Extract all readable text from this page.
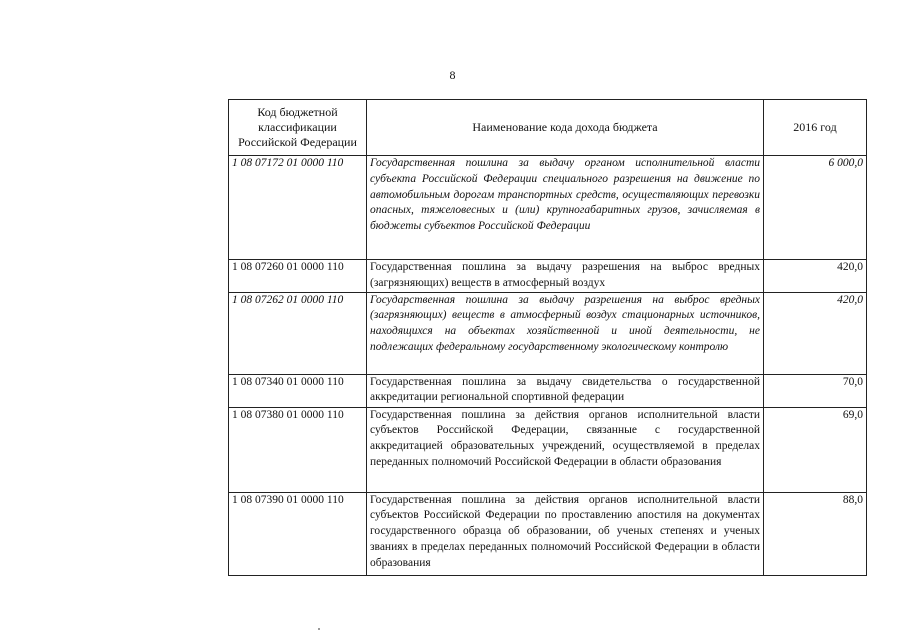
8
Код бюджетной классификации Российской Федерации	Наименование кода дохода бюджета	2016 год
1 08 07172 01 0000 110	Государственная пошлина за выдачу органом исполнительной власти субъекта Российской Федерации специального разрешения на движение по автомобильным дорогам транспортных средств, осуществляющих перевозки опасных, тяжеловесных и (или) крупногабаритных грузов, зачисляемая в бюджеты субъектов Российской Федерации	6 000,0
1 08 07260 01 0000 110	Государственная пошлина за выдачу разрешения на выброс вредных (загрязняющих) веществ в атмосферный воздух	420,0
1 08 07262 01 0000 110	Государственная пошлина за выдачу разрешения на выброс вредных (загрязняющих) веществ в атмосферный воздух стационарных источников, находящихся на объектах хозяйственной и иной деятельности, не подлежащих федеральному государственному экологическому контролю	420,0
1 08 07340 01 0000 110	Государственная пошлина за выдачу свидетельства о государственной аккредитации региональной спортивной федерации	70,0
1 08 07380 01 0000 110	Государственная пошлина за действия органов исполнительной власти субъектов Российской Федерации, связанные с государственной аккредитацией образовательных учреждений, осуществляемой в пределах переданных полномочий Российской Федерации в области образования	69,0
1 08 07390 01 0000 110	Государственная пошлина за действия органов исполнительной власти субъектов Российской Федерации по проставлению апостиля на документах государственного образца об образовании, об ученых степенях и ученых званиях в пределах переданных полномочий Российской Федерации в области образования	88,0
